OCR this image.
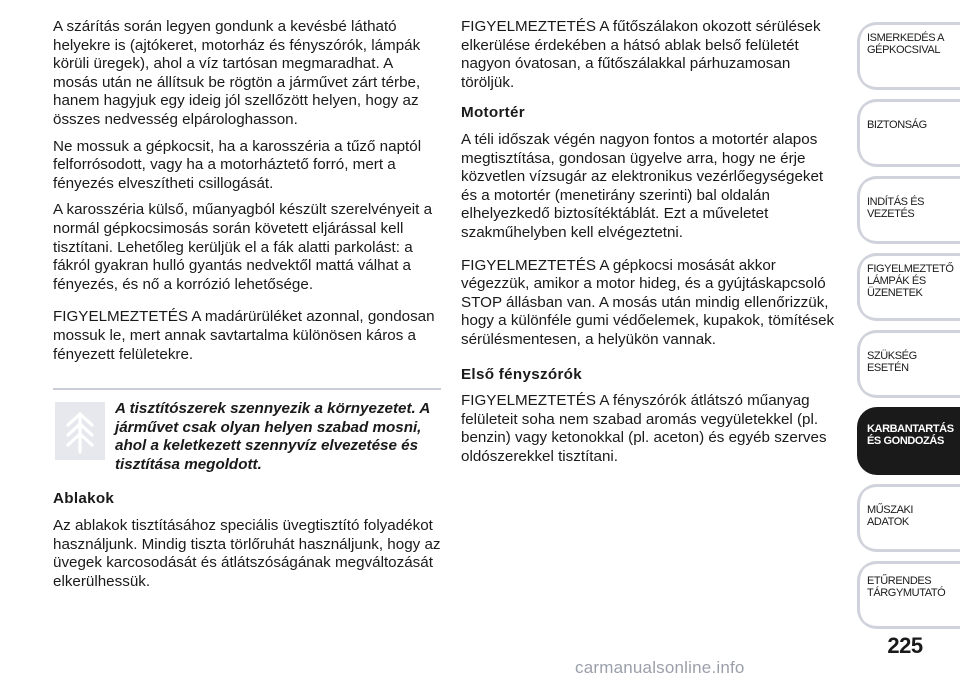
A szárítás során legyen gondunk a kevésbé látható helyekre is (ajtókeret, motorház és fényszórók, lámpák körüli üregek), ahol a víz tartósan megmaradhat. A mosás után ne állítsuk be rögtön a járművet zárt térbe, hanem hagyjuk egy ideig jól szellőzött helyen, hogy az összes nedvesség elpárologhasson.

Ne mossuk a gépkocsit, ha a karosszéria a tűző naptól felforrósodott, vagy ha a motorháztető forró, mert a fényezés elveszítheti csillogását.

A karosszéria külső, műanyagból készült szerelvényeit a normál gépkocsimosás során követett eljárással kell tisztítani. Lehetőleg kerüljük el a fák alatti parkolást: a fákról gyakran hulló gyantás nedvektől mattá válhat a fényezés, és nő a korrózió lehetősége.

FIGYELMEZTETÉS A madárürüléket azonnal, gondosan mossuk le, mert annak savtartalma különösen káros a fényezett felületekre.

A tisztítószerek szennyezik a környezetet. A járművet csak olyan helyen szabad mosni, ahol a keletkezett szennyvíz elvezetése és tisztítása megoldott.
Ablakok

Az ablakok tisztításához speciális üvegtisztító folyadékot használjunk. Mindig tiszta törlőruhát használjunk, hogy az üvegek karcosodását és átlátszóságának megváltozását elkerülhessük.

FIGYELMEZTETÉS A fűtőszálakon okozott sérülések elkerülése érdekében a hátsó ablak belső felületét nagyon óvatosan, a fűtőszálakkal párhuzamosan töröljük.

Motortér

A téli időszak végén nagyon fontos a motortér alapos megtisztítása, gondosan ügyelve arra, hogy ne érje közvetlen vízsugár az elektronikus vezérlőegységeket és a motortér (menetirány szerinti) bal oldalán elhelyezkedő biztosítéktáblát. Ezt a műveletet szakműhelyben kell elvégeztetni.

FIGYELMEZTETÉS A gépkocsi mosását akkor végezzük, amikor a motor hideg, és a gyújtáskapcsoló STOP állásban van. A mosás után mindig ellenőrizzük, hogy a különféle gumi védőelemek, kupakok, tömítések sérülésmentesen, a helyükön vannak.

Első fényszórók

FIGYELMEZTETÉS A fényszórók átlátszó műanyag felületeit soha nem szabad aromás vegyületekkel (pl. benzin) vagy ketonokkal (pl. aceton) és egyéb szerves oldószerekkel tisztítani.

ISMERKEDÉS A
GÉPKOCSIVAL
BIZTONSÁG
INDÍTÁS ÉS VEZETÉS
FIGYELMEZTETŐ
LÁMPÁK ÉS
ÜZENETEK
SZÜKSÉG ESETÉN
KARBANTARTÁS
ÉS GONDOZÁS
MŰSZAKI ADATOK
ETŰRENDES
TÁRGYMUTATÓ
225
carmanualsonline.info
